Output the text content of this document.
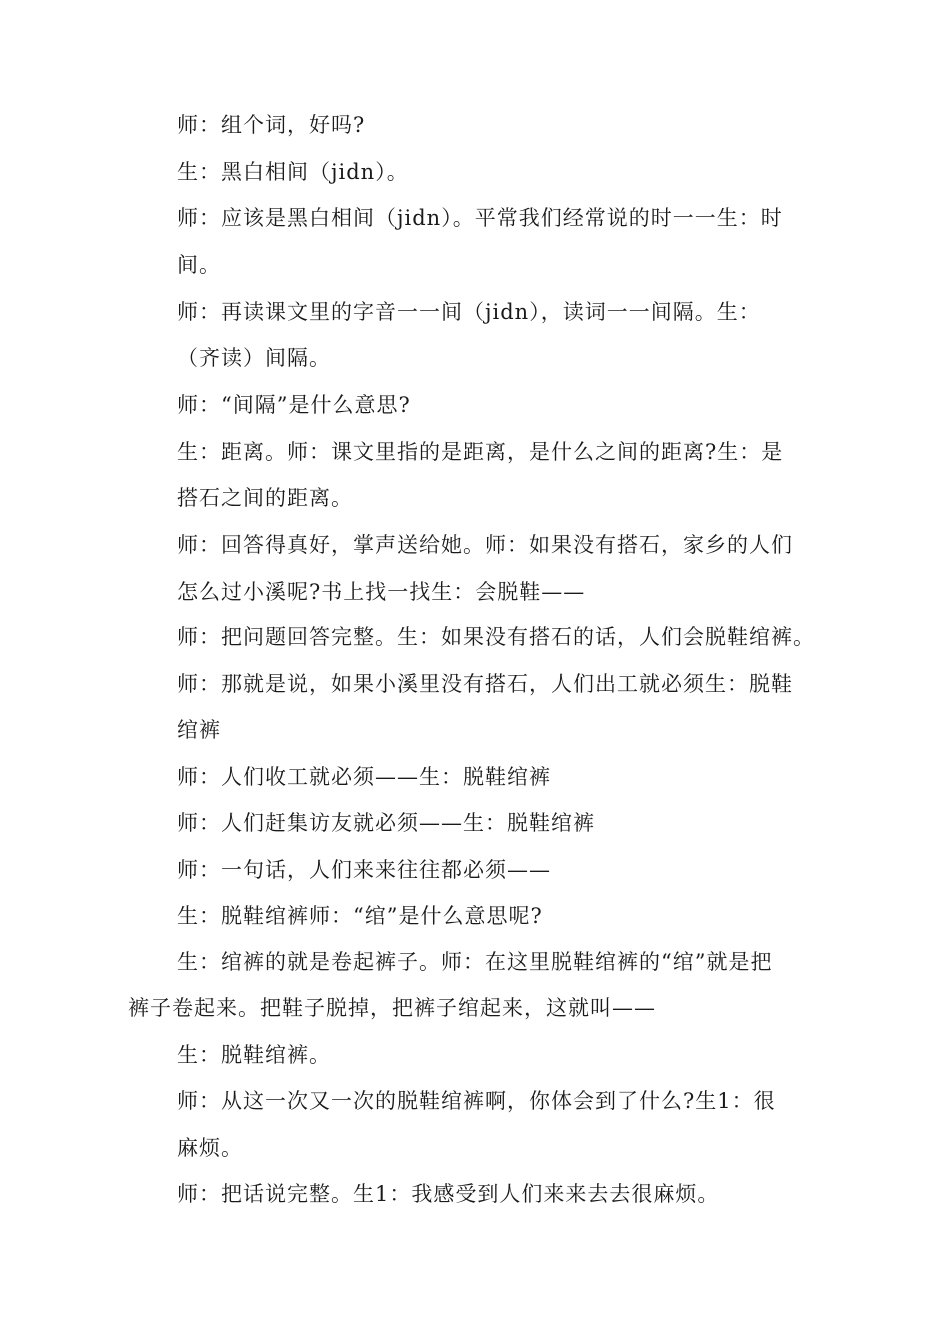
师：组个词，好吗?

生：黑白相间（jidn）。

师：应该是黑白相间（jidn）。平常我们经常说的时一一生：时

间。

师：再读课文里的字音一一间（jidn），读词一一间隔。生：

（齐读）间隔。

师：“间隔”是什么意思?

生：距离。师：课文里指的是距离，是什么之间的距离?生：是

搭石之间的距离。

师：回答得真好，掌声送给她。师：如果没有搭石，家乡的人们

怎么过小溪呢?书上找一找生：会脱鞋——

师：把问题回答完整。生：如果没有搭石的话，人们会脱鞋绾裤。

师：那就是说，如果小溪里没有搭石，人们出工就必须生：脱鞋

绾裤

师：人们收工就必须——生：脱鞋绾裤

师：人们赶集访友就必须——生：脱鞋绾裤

师：一句话，人们来来往往都必须——

生：脱鞋绾裤师：“绾”是什么意思呢?

生：绾裤的就是卷起裤子。师：在这里脱鞋绾裤的“绾”就是把

裤子卷起来。把鞋子脱掉，把裤子绾起来，这就叫——

生：脱鞋绾裤。

师：从这一次又一次的脱鞋绾裤啊，你体会到了什么?生1：很

麻烦。

师：把话说完整。生1：我感受到人们来来去去很麻烦。
